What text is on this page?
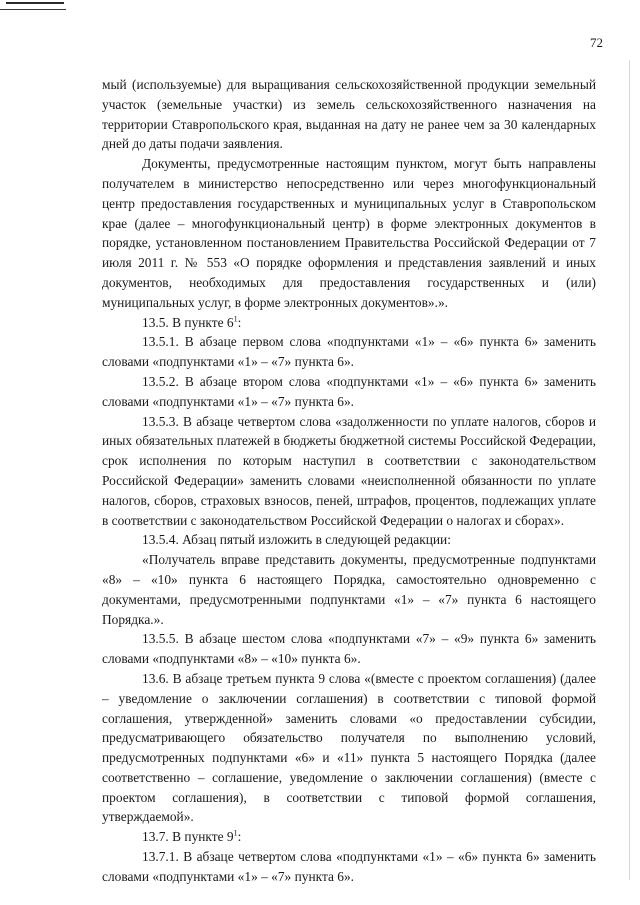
72

мый (используемые) для выращивания сельскохозяйственной продукции земельный участок (земельные участки) из земель сельскохозяйственного назначения на территории Ставропольского края, выданная на дату не ранее чем за 30 календарных дней до даты подачи заявления.

Документы, предусмотренные настоящим пунктом, могут быть направлены получателем в министерство непосредственно или через многофункциональный центр предоставления государственных и муниципальных услуг в Ставропольском крае (далее – многофункциональный центр) в форме электронных документов в порядке, установленном постановлением Правительства Российской Федерации от 7 июля 2011 г. № 553 «О порядке оформления и представления заявлений и иных документов, необходимых для предоставления государственных и (или) муниципальных услуг, в форме электронных документов».».

13.5. В пункте $6^1$:

13.5.1. В абзаце первом слова «подпунктами «1» – «6» пункта 6» заменить словами «подпунктами «1» – «7» пункта 6».

13.5.2. В абзаце втором слова «подпунктами «1» – «6» пункта 6» заменить словами «подпунктами «1» – «7» пункта 6».

13.5.3. В абзаце четвертом слова «задолженности по уплате налогов, сборов и иных обязательных платежей в бюджеты бюджетной системы Российской Федерации, срок исполнения по которым наступил в соответствии с законодательством Российской Федерации» заменить словами «неисполненной обязанности по уплате налогов, сборов, страховых взносов, пеней, штрафов, процентов, подлежащих уплате в соответствии с законодательством Российской Федерации о налогах и сборах».

13.5.4. Абзац пятый изложить в следующей редакции:

«Получатель вправе представить документы, предусмотренные подпунктами «8» – «10» пункта 6 настоящего Порядка, самостоятельно одновременно с документами, предусмотренными подпунктами «1» – «7» пункта 6 настоящего Порядка.».

13.5.5. В абзаце шестом слова «подпунктами «7» – «9» пункта 6» заменить словами «подпунктами «8» – «10» пункта 6».

13.6. В абзаце третьем пункта 9 слова «(вместе с проектом соглашения) (далее – уведомление о заключении соглашения) в соответствии с типовой формой соглашения, утвержденной» заменить словами «о предоставлении субсидии, предусматривающего обязательство получателя по выполнению условий, предусмотренных подпунктами «6» и «11» пункта 5 настоящего Порядка (далее соответственно – соглашение, уведомление о заключении соглашения) (вместе с проектом соглашения), в соответствии с типовой формой соглашения, утверждаемой».

13.7. В пункте $9^1$:

13.7.1. В абзаце четвертом слова «подпунктами «1» – «6» пункта 6» заменить словами «подпунктами «1» – «7» пункта 6».
